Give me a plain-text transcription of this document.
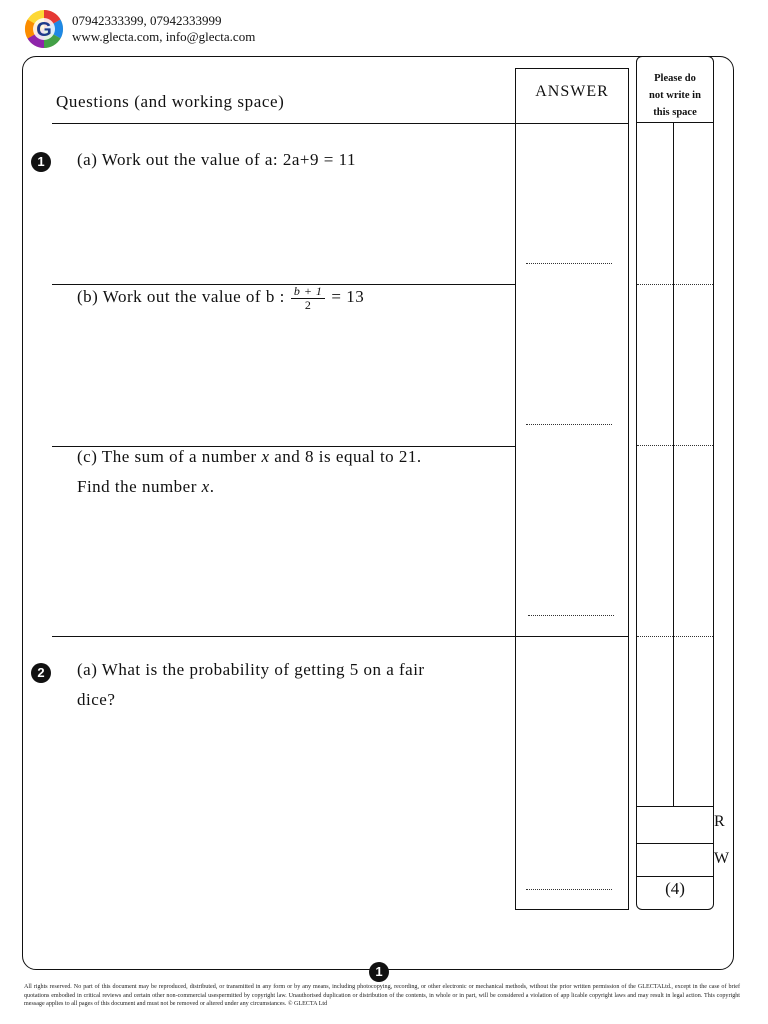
G 07942333399, 07942333999
www.glecta.com, info@glecta.com
Questions (and working space)
ANSWER
Please do
not write in
this space
R
W
(4)
1	(a) Work out the value of a: 2a+9 = 11
(b) Work out the value of b : $\frac{b + 1}{2} = 13$
(c) The sum of a number x and 8 is equal to 21.
Find the number x.
2	(a) What is the probability of getting 5 on a fair
dice?
1
All rights reserved. No part of this document may be reproduced, distributed, or transmitted in any form or by any means, including photocopying, recording, or other electronic or mechanical methods, without the prior written permission of the GLECTALtd., except in the case of brief quotations embodied in critical reviews and certain other non-commercial usespermitted by copyright law. Unauthorised duplication or distribution of the contents, in whole or in part, will be considered a violation of app licable copyright laws and may result in legal action. This copyright message applies to all pages of this document and must not be removed or altered under any circumstances. © GLECTA Ltd
